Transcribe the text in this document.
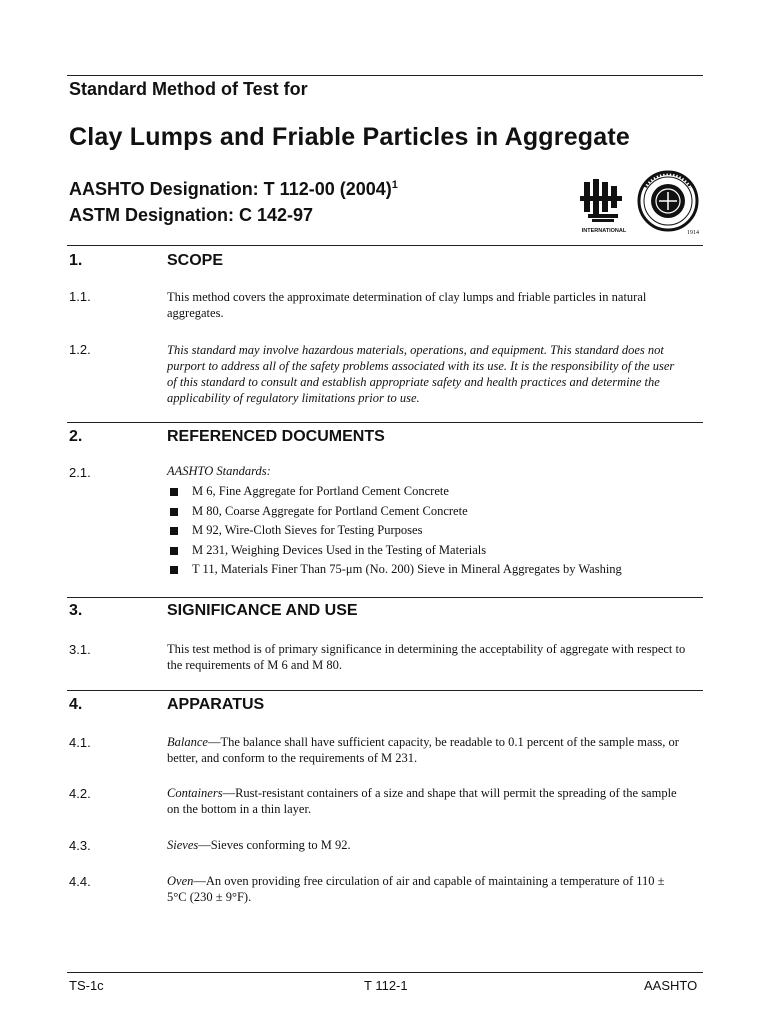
Standard Method of Test for
Clay Lumps and Friable Particles in Aggregate
AASHTO Designation: T 112-00 $(2004)^1$
ASTM Designation: C 142-97
INTERNATIONAL	1914
1.	SCOPE
1.1.	This method covers the approximate determination of clay lumps and friable particles in natural aggregates.
1.2.	This standard may involve hazardous materials, operations, and equipment. This standard does not purport to address all of the safety problems associated with its use. It is the responsibility of the user of this standard to consult and establish appropriate safety and health practices and determine the applicability of regulatory limitations prior to use.
2.	REFERENCED DOCUMENTS
2.1.	AASHTO Standards:
M 6, Fine Aggregate for Portland Cement Concrete
M 80, Coarse Aggregate for Portland Cement Concrete
M 92, Wire-Cloth Sieves for Testing Purposes
M 231, Weighing Devices Used in the Testing of Materials
T 11, Materials Finer Than 75-μm (No. 200) Sieve in Mineral Aggregates by Washing
3.	SIGNIFICANCE AND USE
3.1.	This test method is of primary significance in determining the acceptability of aggregate with respect to the requirements of M 6 and M 80.
4.	APPARATUS
4.1.	Balance—The balance shall have sufficient capacity, be readable to 0.1 percent of the sample mass, or better, and conform to the requirements of M 231.
4.2.	Containers—Rust-resistant containers of a size and shape that will permit the spreading of the sample on the bottom in a thin layer.
4.3.	Sieves—Sieves conforming to M 92.
4.4.	Oven—An oven providing free circulation of air and capable of maintaining a temperature of 110 ± 5°C (230 ± 9°F).
TS-1c	T 112-1	AASHTO
